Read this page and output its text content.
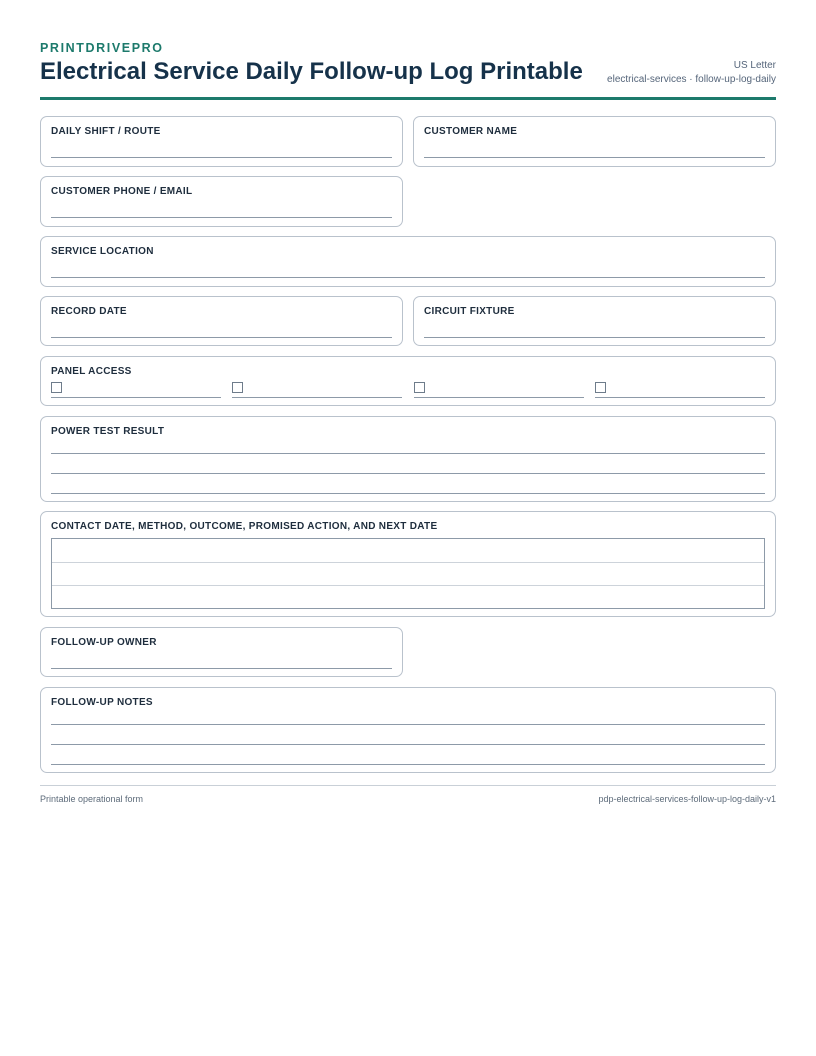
PRINTDRIVEPRO
Electrical Service Daily Follow-up Log Printable	US Letter
electrical-services · follow-up-log-daily
DAILY SHIFT / ROUTE	CUSTOMER NAME
CUSTOMER PHONE / EMAIL
SERVICE LOCATION
RECORD DATE	CIRCUIT FIXTURE
PANEL ACCESS
POWER TEST RESULT
CONTACT DATE, METHOD, OUTCOME, PROMISED ACTION, AND NEXT DATE
FOLLOW-UP OWNER
FOLLOW-UP NOTES
Printable operational form	pdp-electrical-services-follow-up-log-daily-v1
